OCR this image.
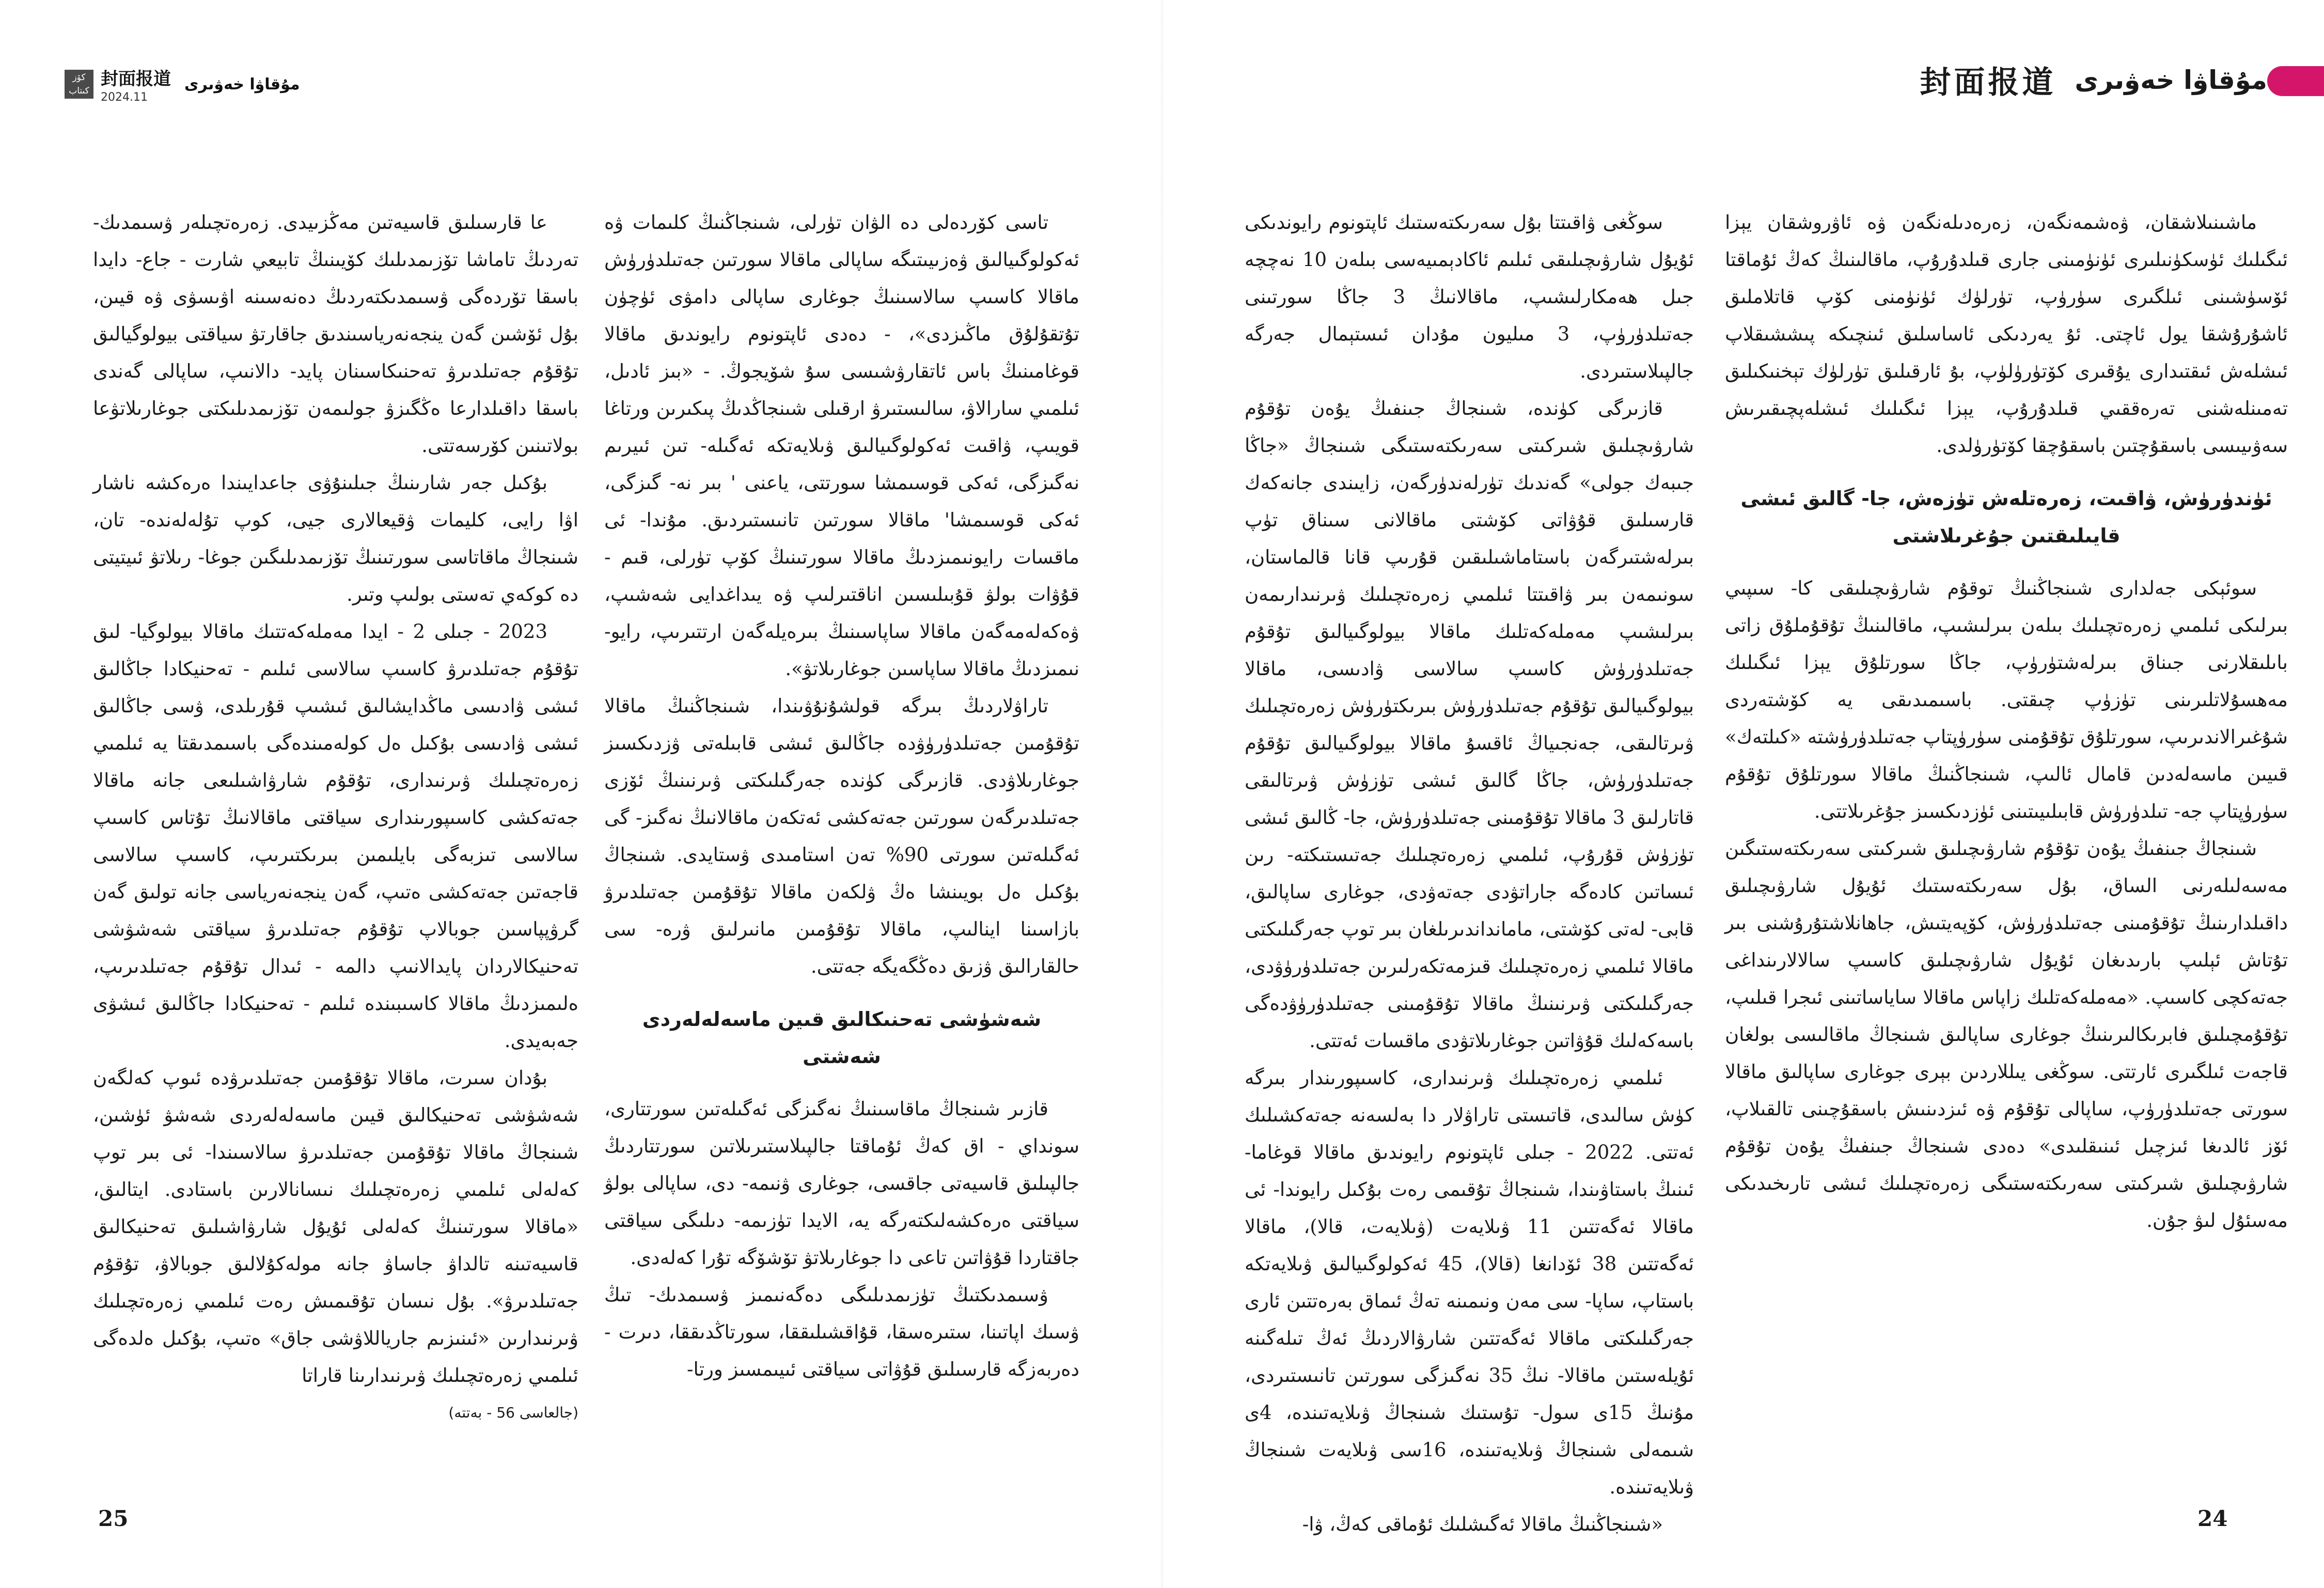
كۆز
كىتاب
封面报道
2024.11
مۇقاۋا خەۋىرى

عا قارسىلىق قاسيەتىن مەڭزىيدى. زەرەتچىلەر ۋسىمدىك- تەردىڭ تاماشا تۆزىمدىلىك كۆيىنىڭ تابيعي شارت - جاع- دايدا باسقا تۆردەگى ۋسىمدىكتەردىڭ دەنەسىنە اۋىسۋى ۋە قيىن، بۇل ئۆشىن گەن ينجەنەرياسىندىق جاقارتۋ سياقتى بيولوگيالىق تۇقۇم جەتىلدىرۋ تەحنىكاسىنان پايد- دالانىپ، ساپالى گەندى باسقا داقىلدارعا ەڭگىزۋ جولىمەن تۆزىمدىلىكتى جوغارىلاتۋعا بولاتىنىن كۆرسەتتى.

بۇكىل جەر شارىنىڭ جىلىنۇۋى جاعدايىندا ەرەكشە ناشار اۋا رايى، كليمات ۋقيعالارى جيى، كوپ تۇلەلەندە- تان، شىنجاڭ ماقاتاسى سورتىنىڭ تۆزىمدىلىگىن جوغا- رىلاتۋ ئىيتيتى دە كوكەي تەستى بولىپ وتىر.

2023 - جىلى 2 - ايدا مەملەكەتتىك ماقالا بيولوگيا- لىق تۇقۇم جەتىلدىرۋ كاسىپ سالاسى ئىلىم - تەحنيكادا جاڭالىق ئىشى ۋادىسى ماڭدايشالىق ئىشىپ قۇرىلدى، ۋسى جاڭالىق ئىشى ۋادىسى بۇكىل ەل كولەمىندەگى باسىمدىقتا يە ئىلمىي زەرەتچىلىك ۋىرنىدارى، تۇقۇم شارۋاشىلىعى جانە ماقالا جەتەكشى كاسىپورىندارى سياقتى ماقالانىڭ تۇتاس كاسىپ سالاسى تىزبەگى بايلىمىن بىرىكتىرىپ، كاسىپ سالاسى قاجەتىن جەتەكشى ەتىپ، گەن ينجەنەرياسى جانە تولىق گەن گرۋپپاسىن جوبالاپ تۇقۇم جەتىلدىرۋ سياقتى شەشۋشى تەحنيكالاردان پايدالانىپ دالمە - ئىدال تۇقۇم جەتىلدىرىپ، ەلىمىزدىڭ ماقالا كاسىبىندە ئىلىم - تەحنيكادا جاڭالىق ئىشۋى جەبەيدى.

بۇدان سىرت، ماقالا تۇقۇمىن جەتىلدىرۋدە ئىوپ كەلگەن شەشۋشى تەحنيكالىق قيىن ماسەلەلەردى شەشۋ ئۈشىن، شىنجاڭ ماقالا تۇقۇمىن جەتىلدىرۋ سالاسىندا- ئى بىر توپ كەلەلى ئىلمىي زەرەتچىلىك نىسانالارىن باستادى. ايتالىق، «ماقالا سورتىنىڭ كەلەلى ئۇيۇل شارۋاشىلىق تەحنيكالىق قاسيەتىنە تالداۋ جاساۋ جانە مولەكۇلالىق جوبالاۋ، تۇقۇم جەتىلدىرۋ». بۇل نىسان تۇقىمىش رەت ئىلمىي زەرەتچىلىك ۋىرنىدارىن «ئىنىزىم جارياللاۋشى جاق» ەتىپ، بۇكىل ەلدەگى ئىلمىي زەرەتچىلىك ۋىرنىدارىنا قاراتا

(جالعاسى 56 - بەتتە)

تاسى كۆردەلى دە الۋان تۈرلى، شىنجاڭنىڭ كلىمات ۋە ئەكولوگىيالىق ۋەزىيىتىگە ساپالى ماقالا سورتىن جەتىلدۈرۈش ماقالا كاسىپ سالاسىنىڭ جوغارى ساپالى دامۋى ئۈچۈن تۇتقۇلۇق ماڭىزدى»، - دەدى ئاپتونوم رايوندىق ماقالا قوغامىنىڭ باس ئاتقارۋشىسى سۇ شۆيجوڭ. - «بىز ئادىل، ئىلمىي سارالاۋ، سالىستىرۋ ارقىلى شىنجاڭدىڭ پىكىرىن ورتاغا قويىپ، ۋاقىت ئەكولوگىيالىق ۋىلايەتكە ئەگىلە- تىن ئىيرىم نەگىزگى، ئەكى قوسىمشا سورتتى، ياعنى ' بىر نە- گىزگى، ئەكى قوسىمشا' ماقالا سورتىن تانىستىردىق. مۇندا- ئى ماقسات رايونىمىزدىڭ ماقالا سورتىنىڭ كۆپ تۈرلى، قىم - قۇۋات بولۋ قۇبىلىسىن اناقتىرلىپ ۋە يىداغدايى شەشىپ، ۋەكەلەمەگەن ماقالا ساپاسىنىڭ بىرەيلەگەن ارتتىرىپ، رايو- نىمىزدىڭ ماقالا ساپاسىن جوغارىلاتۋ».

تاراۋلاردىڭ بىرگە قولشۇنۇۋىندا، شىنجاڭنىڭ ماقالا تۇقۇمىن جەتىلدۈرۈۋدە جاڭالىق ئىشى قابىلەتى ۋزدىكسىز جوغارىلاۋدى. قازىرگى كۈندە جەرگىلىكتى ۋىرنىنىڭ ئۆزى جەتىلدىرگەن سورتىن جەتەكشى ئەتكەن ماقالانىڭ نەگىز- گى ئەگىلەتىن سورتى 90% تەن استامىدى ۋستايدى. شىنجاڭ بۇكىل ەل بويىنشا ەڭ ۋلكەن ماقالا تۇقۇمىن جەتىلدىرۋ بازاسىنا اينالىپ، ماقالا تۇقۇمىن مانىرلىق ۋرە- سى حالقارالىق ۋزىق دەڭگەيگە جەتتى.

شەشۈشى تەحنىكالىق قىين ماسەلەلەردى شەشتى

قازىر شىنجاڭ ماقاسىنىڭ نەگىزگى ئەگىلەتىن سورتتارى، سونداي - اق كەڭ ئۇماقتا جالپىلاستىرىلاتىن سورتتاردىڭ جالپىلىق قاسيەتى جاقسى، جوغارى ۋنىمە- دى، ساپالى بولۋ سياقتى ەرەكشەلىكتەرگە يە، الايدا تۈزىمە- دىلىگى سياقتى جاقتاردا قۇۋاتىن تاعى دا جوغارىلاتۋ تۆشۆگە تۇرا كەلەدى.

ۋسىمدىكتىڭ تۈزىمدىلىگى دەگەنىمىز ۋسىمدىك- تىڭ ۋسىك اپاتىنا، ستىرەسقا، قۇاقشىلىققا، سورتاڭدىققا، دىرت - دەربەزگە قارسىلىق قۇۋاتى سياقتى ئىيىمسىز ورتا-

25
封面报道 مۇقاۋا خەۋىرى

سوڭغى ۋاقىتتا بۇل سەرىكتەستىك ئاپتونوم رايوندىكى ئۇيۇل شارۋىچىلىقى ئىلىم ئاكادېمىيەسى بىلەن 10 نەچچە جىل ھەمكارلىشىپ، ماقالانىڭ 3 جاڭا سورتىنى جەتىلدۈرۈپ، 3 مىليون مۇدان ئىستېمال جەرگە جالپىلاستىردى.

قازىرگى كۈندە، شىنجاڭ جىنفىڭ يۇەن تۇقۇم شارۋىچىلىق شىركىتى سەرىكتەستىگى شىنجاڭ «جاڭا جىبەك جولى» گەندىك تۈرلەندۈرگەن، زايىندى جانەكەك قارسىلىق قۇۋاتى كۆشتى ماقالانى سىناق تۈپ بىرلەشتىرگەن باستاماشىلىقىن قۇرىپ قانا قالماستان، سونىمەن بىر ۋاقىتتا ئىلمىي زەرەتچىلىك ۋىرنىدارىمەن بىرلىشىپ مەملەكەتلىك ماقالا بيولوگىيالىق تۇقۇم جەتىلدۈرۈش كاسىپ سالاسى ۋادىسى، ماقالا بيولوگىيالىق تۇقۇم جەتىلدۈرۈش بىرىكتۈرۈش زەرەتچىلىك ۋىرتالىقى، جەنجىياڭ ئاقسۇ ماقالا بيولوگىيالىق تۇقۇم جەتىلدۈرۈش، جاڭا گالىق ئىشى تۈزۈش ۋىرتالىقى قاتارلىق 3 ماقالا تۇقۇمىنى جەتىلدۈرۈش، جا- ڭالىق ئىشى تۈزۈش قۇرۇپ، ئىلمىي زەرەتچىلىك جەتىستىكتە- رىن ئىساتىن كادەگە جاراتۋدى جەتەۋدى، جوغارى ساپالىق، قابى- لەتى كۆشتى، مامانداندىرىلغان بىر توپ جەرگىلىكتى ماقالا ئىلمىي زەرەتچىلىك قىزمەتكەرلىرىن جەتىلدۈرۈۋدى، جەرگىلىكتى ۋىرنىنىڭ ماقالا تۇقۇمىنى جەتىلدۈرۈۋدەگى باسەكەلىك قۇۋاتىن جوغارىلاتۋدى ماقسات ئەتتى.

ئىلمىي زەرەتچىلىك ۋىرنىدارى، كاسىپورىندار بىرگە كۈش سالىدى، قاتىستى تاراۋلار دا بەلسەنە جەتەكشىلىك ئەتتى. 2022 - جىلى ئاپتونوم رايوندىق ماقالا قوغاما- ئىنىڭ باستاۋىندا، شىنجاڭ تۇقىمى رەت بۇكىل رايوندا- ئى ماقالا ئەگەتتىن 11 ۋىلايەت (ۋىلايەت، قالا)، ماقالا ئەگەتتىن 38 ئۆدانغا (قالا)، 45 ئەكولوگىيالىق ۋىلايەتكە باستاپ، ساپا- سى مەن ونىمىنە تەڭ ئىماق بەرەتتىن ئارى جەرگىلىكتى ماقالا ئەگەتتىن شارۋالاردىڭ ئەڭ تىلەگىنە ئۇيلەستىن ماقالا- نىڭ 35 نەگىزگى سورتىن تانىستىردى، مۇنىڭ 15ى سول- تۇستىك شىنجاڭ ۋىلايەتىندە، 4ى شىمەلى شىنجاڭ ۋىلايەتىندە، 16سى ۋىلايەت شىنجاڭ ۋىلايەتىندە.

«شىنجاڭنىڭ ماقالا ئەگىشلىك ئۇماقى كەڭ، ۋا-

ماشىنىلاشقان، ۋەشمەنگەن، زەرەدىلەنگەن ۋە ئاۋروشقان يېزا ئىگىلىك ئۈسكۈنىلىرى ئۈنۈمىنى جارى قىلدۇرۇپ، ماقالىنىڭ كەڭ ئۇماقتا ئۆسۈشىنى ئىلگىرى سۈرۈپ، تۈرلۈك ئۈنۈمنى كۆپ قاتلاملىق ئاشۇرۇشقا يول ئاچتى. ئۇ يەردىكى ئاساسلىق ئىنچىكە پىششىقلاپ ئىشلەش ئىقتىدارى يۇقىرى كۆتۈرۈلۈپ، بۇ ئارقىلىق تۈرلۈك تېخنىكىلىق تەمىنلەشنى تەرەققىي قىلدۇرۇپ، يېزا ئىگىلىك ئىشلەپچىقىرىش سەۋىيىسى باسقۇچتىن باسقۇچقا كۆتۈرۈلدى.

ئۈندۈرۈش، ۋاقىت، زەرەتلەش تۈزەش، جا- گالىق ئىشى قايىلىقتىن جۇغرىلاشتى

سوئېكى جەلدارى شىنجاڭنىڭ توقۇم شارۋىچىلىقى كا- سىپىي بىرلىكى ئىلمىي زەرەتچىلىك بىلەن بىرلىشىپ، ماقالىنىڭ تۇقۇملۇق زاتى باىلىقلارنى جىناق بىرلەشتۈرۈپ، جاڭا سورتلۇق يېزا ئىگىلىك مەھسۇلاتلىرىنى تۈزۈپ چىقتى. باسىمىدىقى يە كۆشتەردى شۇغىرالاندىرىپ، سورتلۇق تۇقۇمنى سۈرۈپتاپ جەتىلدۈرۈشتە «كىلتەك» قىيىن ماسەلەدىن قامال ئالىپ، شىنجاڭنىڭ ماقالا سورتلۇق تۇقۇم سۈرۈپتاپ جە- تىلدۈرۈش قابىلىيىتىنى ئۈزدىكسىز جۇغرىلاتتى.

شىنجاڭ جىنفىڭ يۇەن تۇقۇم شارۋىچىلىق شىركىتى سەرىكتەستىگىن مەسەلىلەرنى الساق، بۇل سەرىكتەستىك ئۇيۇل شارۋىچىلىق داقىلدارىنىڭ تۇقۇمىنى جەتىلدۈرۈش، كۆپەيتىش، جاھانلاشتۇرۇشنى بىر تۇتاش ئېلىپ بارىدىغان ئۇيۇل شارۋىچىلىق كاسىپ سالالارىنداغى جەتەكچى كاسىپ. «مەملەكەتلىك زاپاس ماقالا ساياساتىنى ئىجرا قىلىپ، تۇقۇمچىلىق فابرىكالىرىنىڭ جوغارى ساپالىق شىنجاڭ ماقالىسى بولغان قاجەت ئىلگىرى ئارتتى. سوڭغى يىللاردىن بېرى جوغارى ساپالىق ماقالا سورتى جەتىلدۈرۈپ، ساپالى تۇقۇم ۋە ئىزدىنىش باسقۇچىنى تالقىلاپ، ئۆز ئالدىغا ئىزچىل ئىنىقلىدى» دەدى شىنجاڭ جىنفىڭ يۇەن تۇقۇم شارۋىچىلىق شىركىتى سەرىكتەستىگى زەرەتچىلىك ئىشى تارىخىدىكى مەسئۇل لىۋ جۇن.

24
